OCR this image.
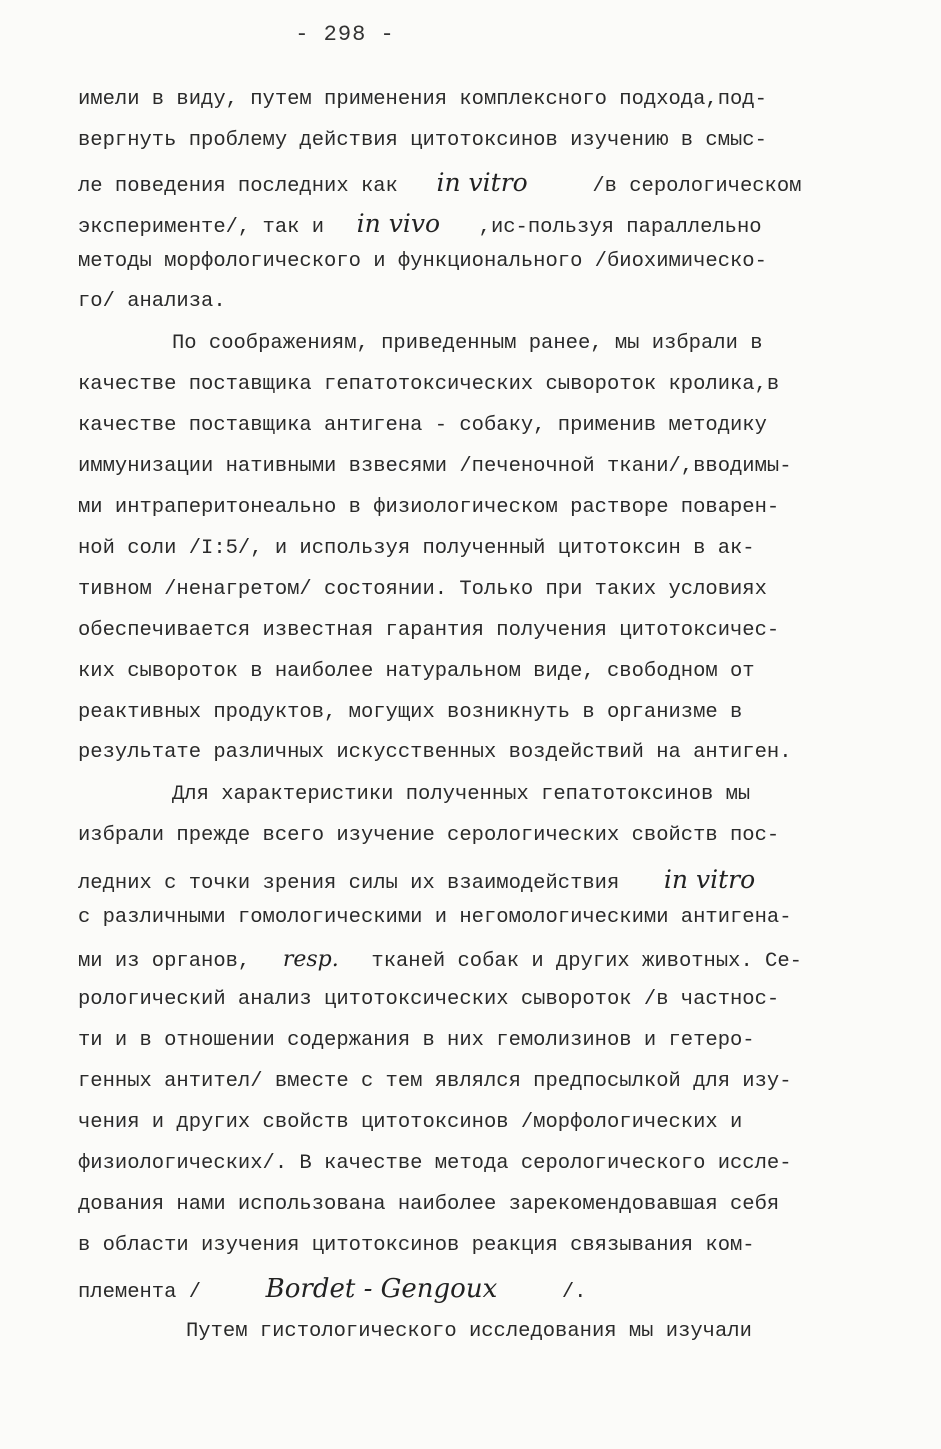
- 298 -
имели в виду, путем применения комплексного подхода,под-
вергнуть проблему действия цитотоксинов изучению в смыс-
ле поведения последних как in vitro	/в серологическом
эксперименте/, так и in vivo ,ис-пользуя параллельно
методы морфологического и функционального /биохимическо-
го/ анализа.
По соображениям, приведенным ранее, мы избрали в
качестве поставщика гепатотоксических сывороток кролика,в
качестве поставщика антигена - собаку, применив методику
иммунизации нативными взвесями /печеночной ткани/,вводимы-
ми интраперитонеально в физиологическом растворе поварен-
ной соли /I:5/, и используя полученный цитотоксин в ак-
тивном /ненагретом/ состоянии. Только при таких условиях
обеспечивается известная гарантия получения цитотоксичес-
ких сывороток в наиболее натуральном виде, свободном от
реактивных продуктов, могущих возникнуть в организме в
результате различных искусственных воздействий на антиген.
Для характеристики полученных гепатотоксинов мы
избрали прежде всего изучение серологических свойств пос-
ледних с точки зрения силы их взаимодействия in vitro
с различными гомологическими и негомологическими антигена-
ми из органов, resp. тканей собак и других животных. Се-
рологический анализ цитотоксических сывороток /в частнос-
ти и в отношении содержания в них гемолизинов и гетеро-
генных антител/ вместе с тем являлся предпосылкой для изу-
чения и других свойств цитотоксинов /морфологических и
физиологических/. В качестве метода серологического иссле-
дования нами использована наиболее зарекомендовавшая себя
в области изучения цитотоксинов реакция связывания ком-
племента / Bordet - Gengoux	/.
Путем гистологического исследования мы изучали
